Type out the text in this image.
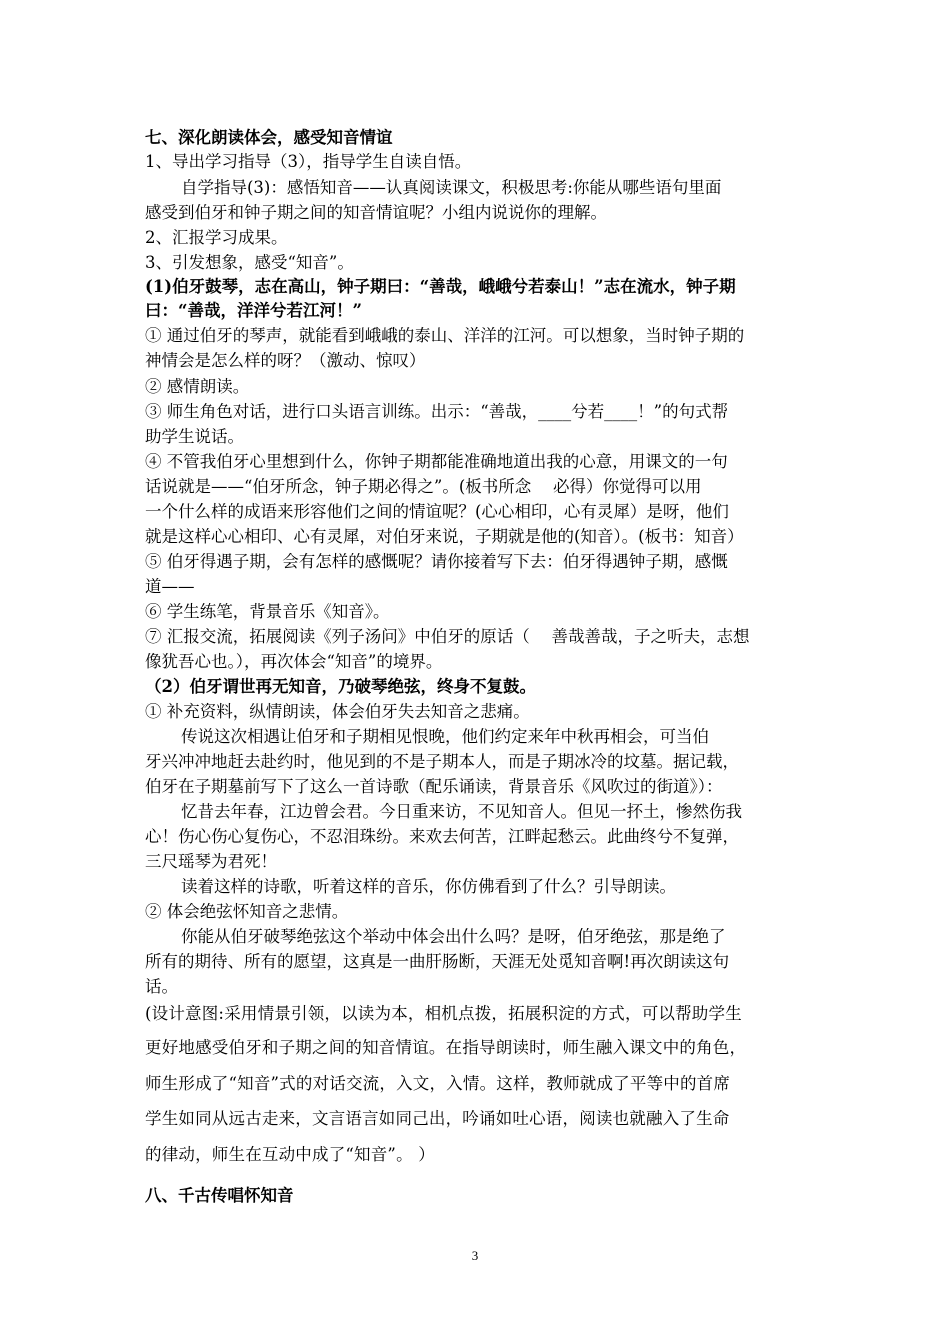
七、深化朗读体会，感受知音情谊
1、导出学习指导（3），指导学生自读自悟。
自学指导(3)：感悟知音——认真阅读课文，积极思考:你能从哪些语句里面
感受到伯牙和钟子期之间的知音情谊呢？小组内说说你的理解。
2、汇报学习成果。
3、引发想象，感受“知音”。
(1)伯牙鼓琴，志在高山，钟子期曰：“善哉，峨峨兮若泰山！”志在流水，钟子期
曰：“善哉，洋洋兮若江河！”
① 通过伯牙的琴声，就能看到峨峨的泰山、洋洋的江河。可以想象，当时钟子期的
神情会是怎么样的呀？（激动、惊叹）
② 感情朗读。
③ 师生角色对话，进行口头语言训练。出示：“善哉，____兮若____！”的句式帮
助学生说话。
④ 不管我伯牙心里想到什么，你钟子期都能准确地道出我的心意，用课文的一句
话说就是——“伯牙所念，钟子期必得之”。(板书所念　 必得）你觉得可以用
一个什么样的成语来形容他们之间的情谊呢？(心心相印，心有灵犀）是呀，他们
就是这样心心相印、心有灵犀，对伯牙来说，子期就是他的(知音）。(板书：知音）
⑤ 伯牙得遇子期，会有怎样的感慨呢？请你接着写下去：伯牙得遇钟子期，感慨
道——
⑥ 学生练笔，背景音乐《知音》。
⑦ 汇报交流，拓展阅读《列子汤问》中伯牙的原话（　 善哉善哉，子之听夫，志想
像犹吾心也。），再次体会“知音”的境界。
（2）伯牙谓世再无知音，乃破琴绝弦，终身不复鼓。
① 补充资料，纵情朗读，体会伯牙失去知音之悲痛。
传说这次相遇让伯牙和子期相见恨晚，他们约定来年中秋再相会，可当伯
牙兴冲冲地赶去赴约时，他见到的不是子期本人，而是子期冰冷的坟墓。据记载，
伯牙在子期墓前写下了这么一首诗歌（配乐诵读，背景音乐《风吹过的街道》）：
忆昔去年春，江边曾会君。今日重来访，不见知音人。但见一抔土，惨然伤我
心！伤心伤心复伤心，不忍泪珠纷。来欢去何苦，江畔起愁云。此曲终兮不复弹，
三尺瑶琴为君死！
读着这样的诗歌，听着这样的音乐，你仿佛看到了什么？引导朗读。
② 体会绝弦怀知音之悲情。
你能从伯牙破琴绝弦这个举动中体会出什么吗？是呀，伯牙绝弦，那是绝了
所有的期待、所有的愿望，这真是一曲肝肠断，天涯无处觅知音啊!再次朗读这句
话。
(设计意图:采用情景引领，以读为本，相机点拨，拓展积淀的方式，可以帮助学生
更好地感受伯牙和子期之间的知音情谊。在指导朗读时，师生融入课文中的角色，
师生形成了“知音”式的对话交流，入文，入情。这样，教师就成了平等中的首席
学生如同从远古走来，文言语言如同己出，吟诵如吐心语，阅读也就融入了生命
的律动，师生在互动中成了“知音”。 ）
八、千古传唱怀知音
3
